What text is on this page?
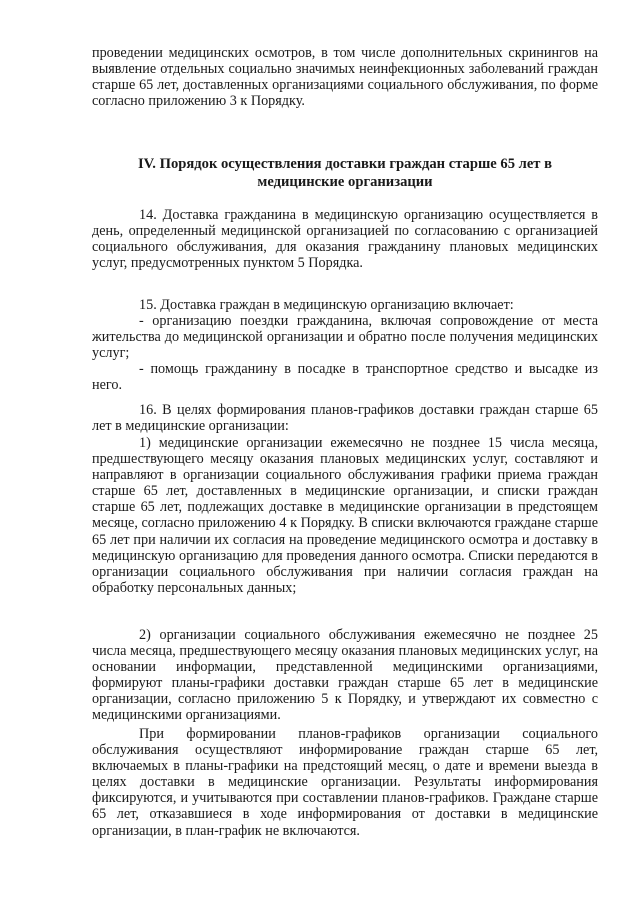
проведении медицинских осмотров, в том числе дополнительных скринингов на выявление отдельных социально значимых неинфекционных заболеваний граждан старше 65 лет, доставленных организациями социального обслуживания, по форме согласно приложению 3 к Порядку.

IV. Порядок осуществления доставки граждан старше 65 лет в
медицинские организации

14. Доставка гражданина в медицинскую организацию осуществляется в день, определенный медицинской организацией по согласованию с организацией социального обслуживания, для оказания гражданину плановых медицинских услуг, предусмотренных пунктом 5 Порядка.

15. Доставка граждан в медицинскую организацию включает:

- организацию поездки гражданина, включая сопровождение от места жительства до медицинской организации и обратно после получения медицинских услуг;

- помощь гражданину в посадке в транспортное средство и высадке из него.

16. В целях формирования планов-графиков доставки граждан старше 65 лет в медицинские организации:

1) медицинские организации ежемесячно не позднее 15 числа месяца, предшествующего месяцу оказания плановых медицинских услуг, составляют и направляют в организации социального обслуживания графики приема граждан старше 65 лет, доставленных в медицинские организации, и списки граждан старше 65 лет, подлежащих доставке в медицинские организации в предстоящем месяце, согласно приложению 4 к Порядку. В списки включаются граждане старше 65 лет при наличии их согласия на проведение медицинского осмотра и доставку в медицинскую организацию для проведения данного осмотра. Списки передаются в организации социального обслуживания при наличии согласия граждан на обработку персональных данных;

2) организации социального обслуживания ежемесячно не позднее 25 числа месяца, предшествующего месяцу оказания плановых медицинских услуг, на основании информации, представленной медицинскими организациями, формируют планы-графики доставки граждан старше 65 лет в медицинские организации, согласно приложению 5 к Порядку, и утверждают их совместно с медицинскими организациями.

При формировании планов-графиков организации социального обслуживания осуществляют информирование граждан старше 65 лет, включаемых в планы-графики на предстоящий месяц, о дате и времени выезда в целях доставки в медицинские организации. Результаты информирования фиксируются, и учитываются при составлении планов-графиков. Граждане старше 65 лет, отказавшиеся в ходе информирования от доставки в медицинские организации, в план-график не включаются.
